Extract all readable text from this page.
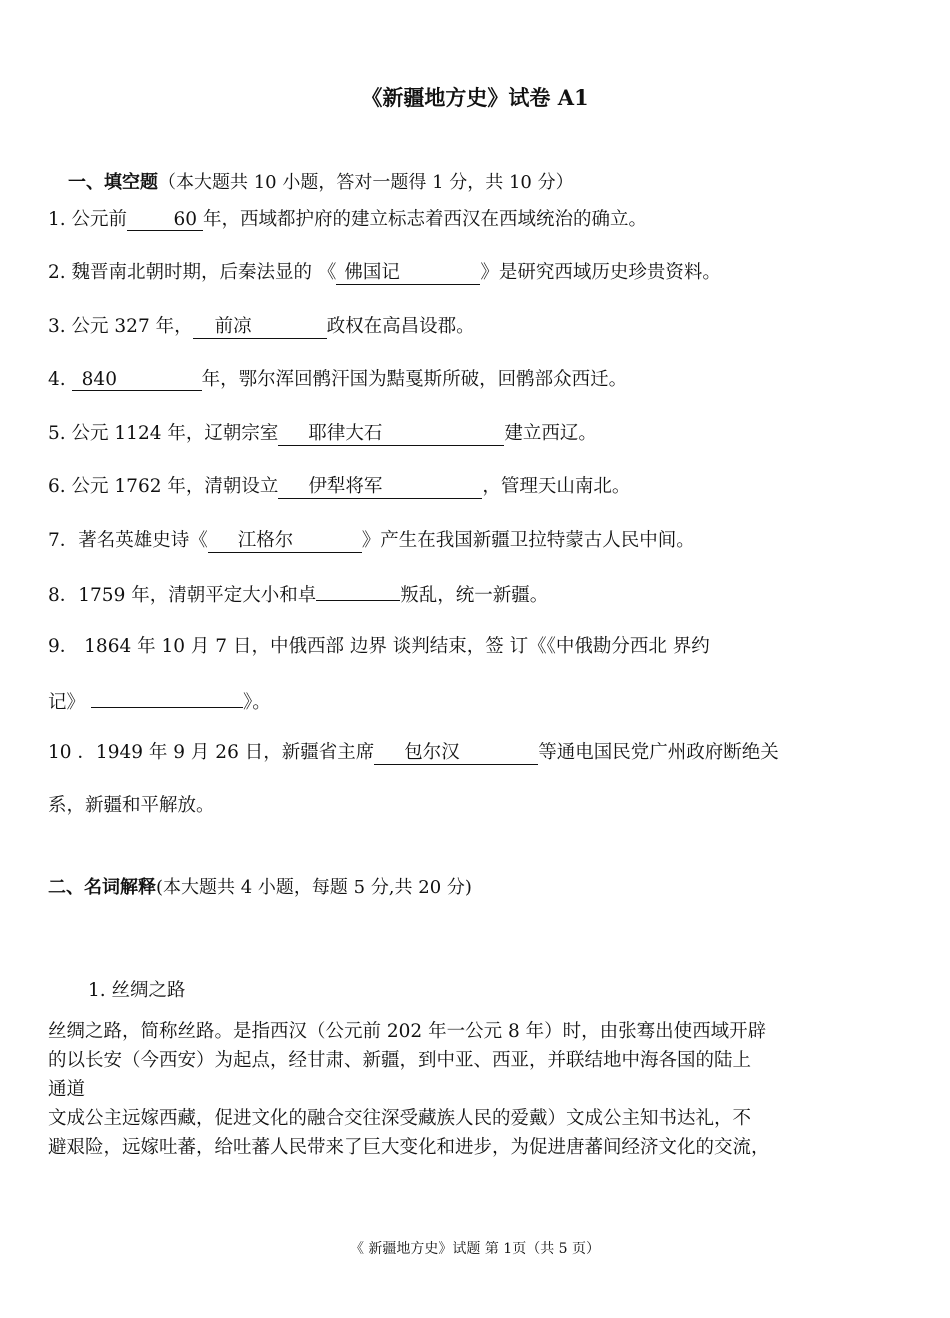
《新疆地方史》试卷 A1
一、填空题（本大题共 10 小题，答对一题得 1 分，共 10 分）
1. 公元前	60 年，西域都护府的建立标志着西汉在西域统治的确立。
2. 魏晋南北朝时期，后秦法显的 《 佛国记	》是研究西域历史珍贵资料。
3. 公元 327 年， 前凉	政权在高昌设郡。
4. 840	年，鄂尔浑回鹘汗国为黠戛斯所破，回鹘部众西迁。
5. 公元 1124 年，辽朝宗室 耶律大石	建立西辽。
6. 公元 1762 年，清朝设立 伊犁将军	，管理天山南北。
7．著名英雄史诗《 江格尔	》产生在我国新疆卫拉特蒙古人民中间。
8．1759 年，清朝平定大小和卓	叛乱，统一新疆。
9． 1864 年 10 月 7 日，中俄西部 边界 谈判结束，签 订《《中俄勘分西北 界约
记》	》。
10 ．1949 年 9 月 26 日，新疆省主席 包尔汉	等通电国民党广州政府断绝关
系，新疆和平解放。
二、名词解释(本大题共 4 小题，每题 5 分,共 20 分)
1. 丝绸之路
丝绸之路，简称丝路。是指西汉（公元前 202 年一公元 8 年）时，由张骞出使西域开辟
的以长安（今西安）为起点，经甘肃、新疆，到中亚、西亚，并联结地中海各国的陆上
通道
文成公主远嫁西藏，促进文化的融合交往深受藏族人民的爱戴）文成公主知书达礼，不
避艰险，远嫁吐蕃，给吐蕃人民带来了巨大变化和进步，为促进唐蕃间经济文化的交流，
《 新疆地方史》试题 第 1页（共 5 页）
